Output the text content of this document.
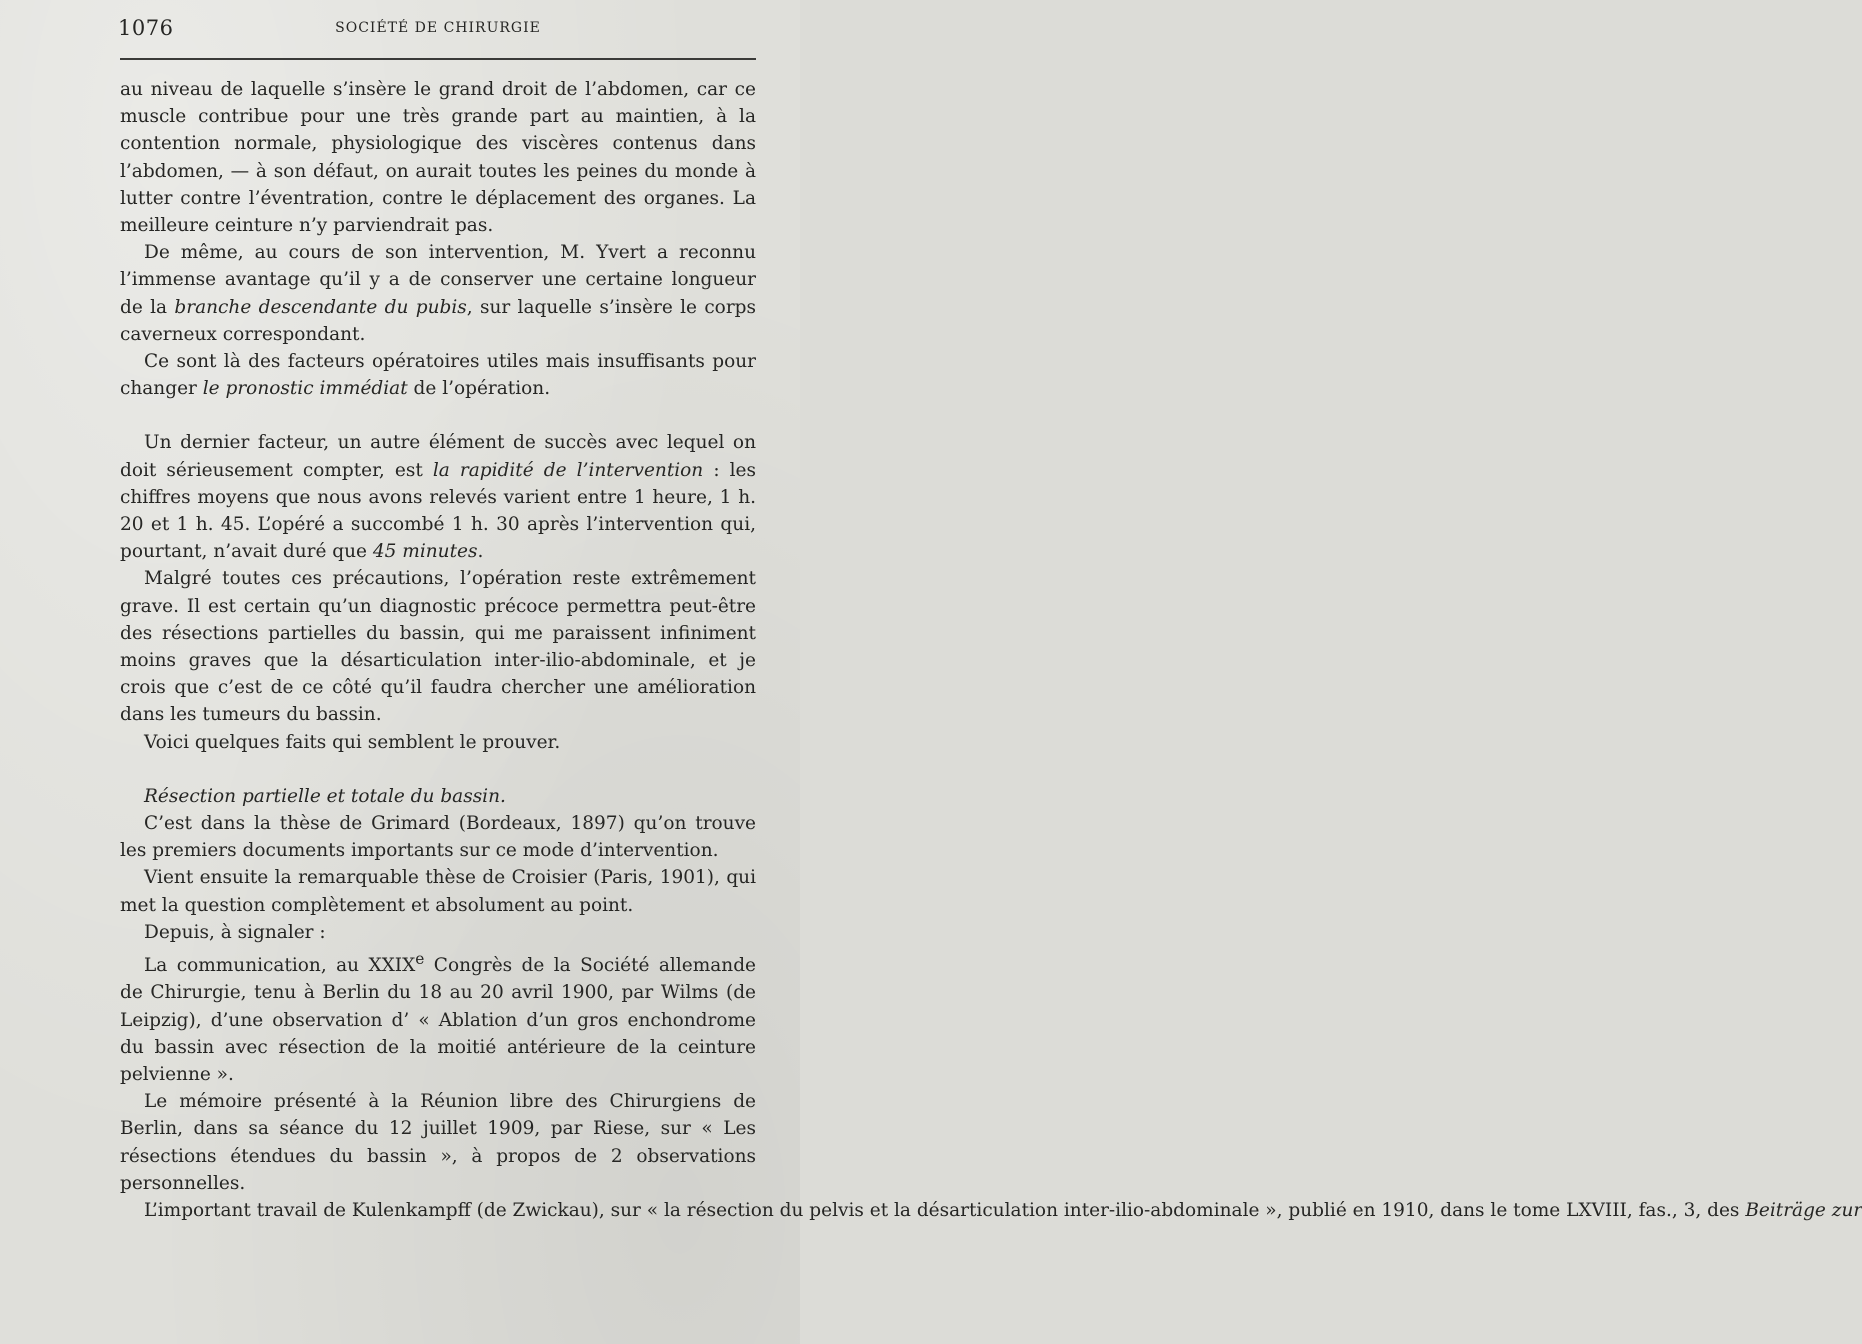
1076	SOCIÉTÉ DE CHIRURGIE

au niveau de laquelle s’insère le grand droit de l’abdomen, car ce muscle contribue pour une très grande part au maintien, à la contention normale, physiologique des viscères contenus dans l’abdomen, — à son défaut, on aurait toutes les peines du monde à lutter contre l’éventration, contre le déplacement des organes. La meilleure ceinture n’y parviendrait pas.

De même, au cours de son intervention, M. Yvert a reconnu l’immense avantage qu’il y a de conserver une certaine longueur de la branche descendante du pubis, sur laquelle s’insère le corps caverneux correspondant.

Ce sont là des facteurs opératoires utiles mais insuffisants pour changer le pronostic immédiat de l’opération.

Un dernier facteur, un autre élément de succès avec lequel on doit sérieusement compter, est la rapidité de l’intervention : les chiffres moyens que nous avons relevés varient entre 1 heure, 1 h. 20 et 1 h. 45. L’opéré a succombé 1 h. 30 après l’intervention qui, pourtant, n’avait duré que 45 minutes.

Malgré toutes ces précautions, l’opération reste extrêmement grave. Il est certain qu’un diagnostic précoce permettra peut-être des résections partielles du bassin, qui me paraissent infiniment moins graves que la désarticulation inter-ilio-abdominale, et je crois que c’est de ce côté qu’il faudra chercher une amélioration dans les tumeurs du bassin.

Voici quelques faits qui semblent le prouver.

Résection partielle et totale du bassin.

C’est dans la thèse de Grimard (Bordeaux, 1897) qu’on trouve les premiers documents importants sur ce mode d’intervention.

Vient ensuite la remarquable thèse de Croisier (Paris, 1901), qui met la question complètement et absolument au point.

Depuis, à signaler :

La communication, au XXIXe Congrès de la Société allemande de Chirurgie, tenu à Berlin du 18 au 20 avril 1900, par Wilms (de Leipzig), d’une observation d’ « Ablation d’un gros enchondrome du bassin avec résection de la moitié antérieure de la ceinture pelvienne ».

Le mémoire présenté à la Réunion libre des Chirurgiens de Berlin, dans sa séance du 12 juillet 1909, par Riese, sur « Les résections étendues du bassin », à propos de 2 observations personnelles.

L’important travail de Kulenkampff (de Zwickau), sur « la résection du pelvis et la désarticulation inter-ilio-abdominale », publié en 1910, dans le tome LXVIII, fas., 3, des Beiträge zur
